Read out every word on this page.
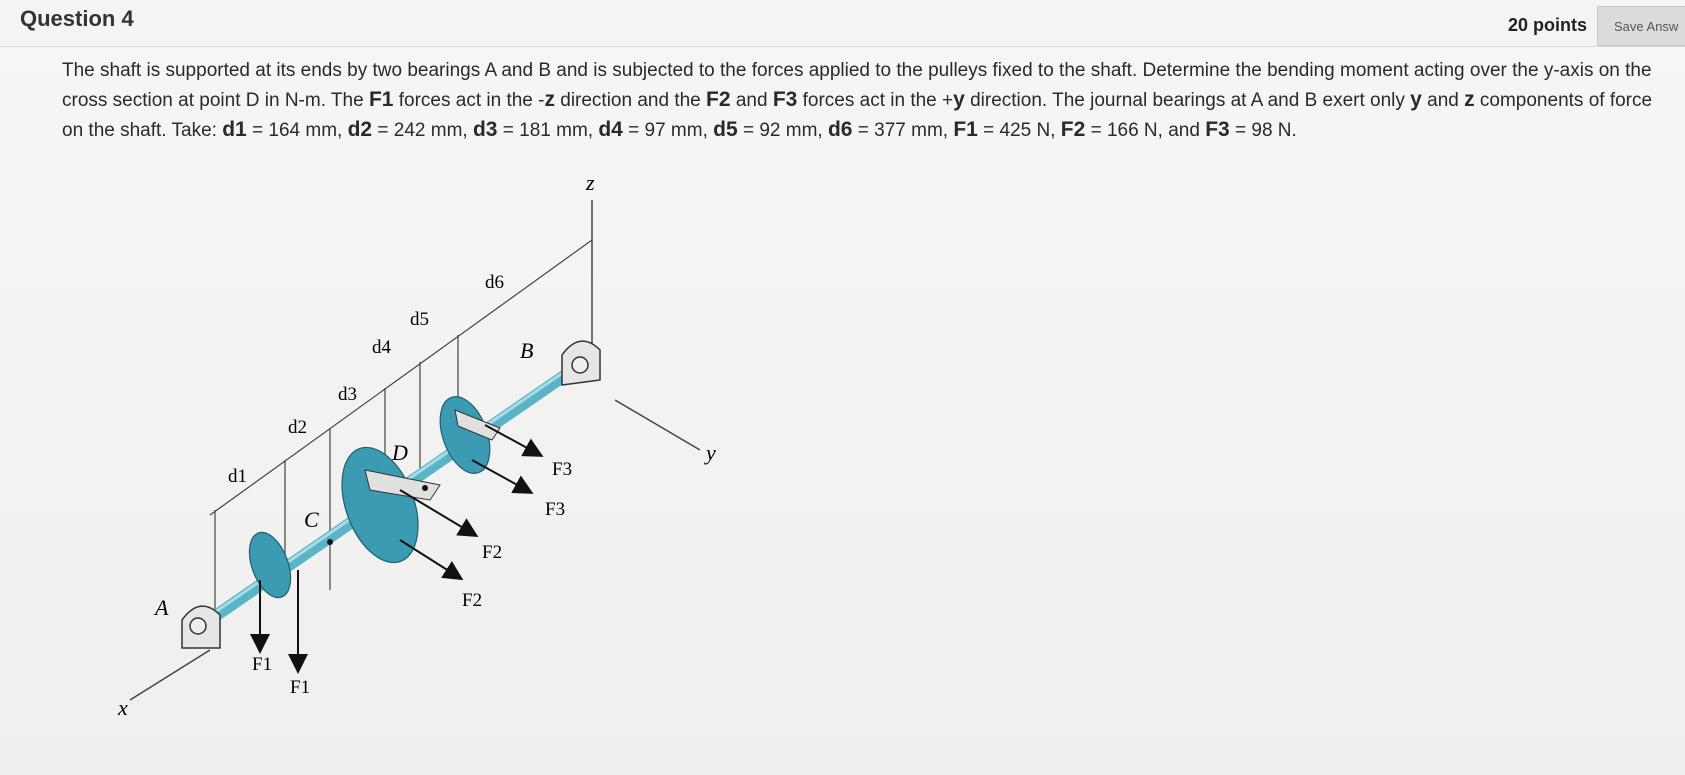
Question 4	20 points	Save Answ

The shaft is supported at its ends by two bearings A and B and is subjected to the forces applied to the pulleys fixed to the shaft. Determine the bending moment acting over the y-axis on the cross section at point D in N-m. The F1 forces act in the -z direction and the F2 and F3 forces act in the +y direction. The journal bearings at A and B exert only y and z components of force on the shaft. Take: d1 = 164 mm, d2 = 242 mm, d3 = 181 mm, d4 = 97 mm, d5 = 92 mm, d6 = 377 mm, F1 = 425 N, F2 = 166 N, and F3 = 98 N.

z
y
x
d1
d2
d3
d4
d5
d6
A
B
F1
F1
C
F2
F2
D
F3
F3
